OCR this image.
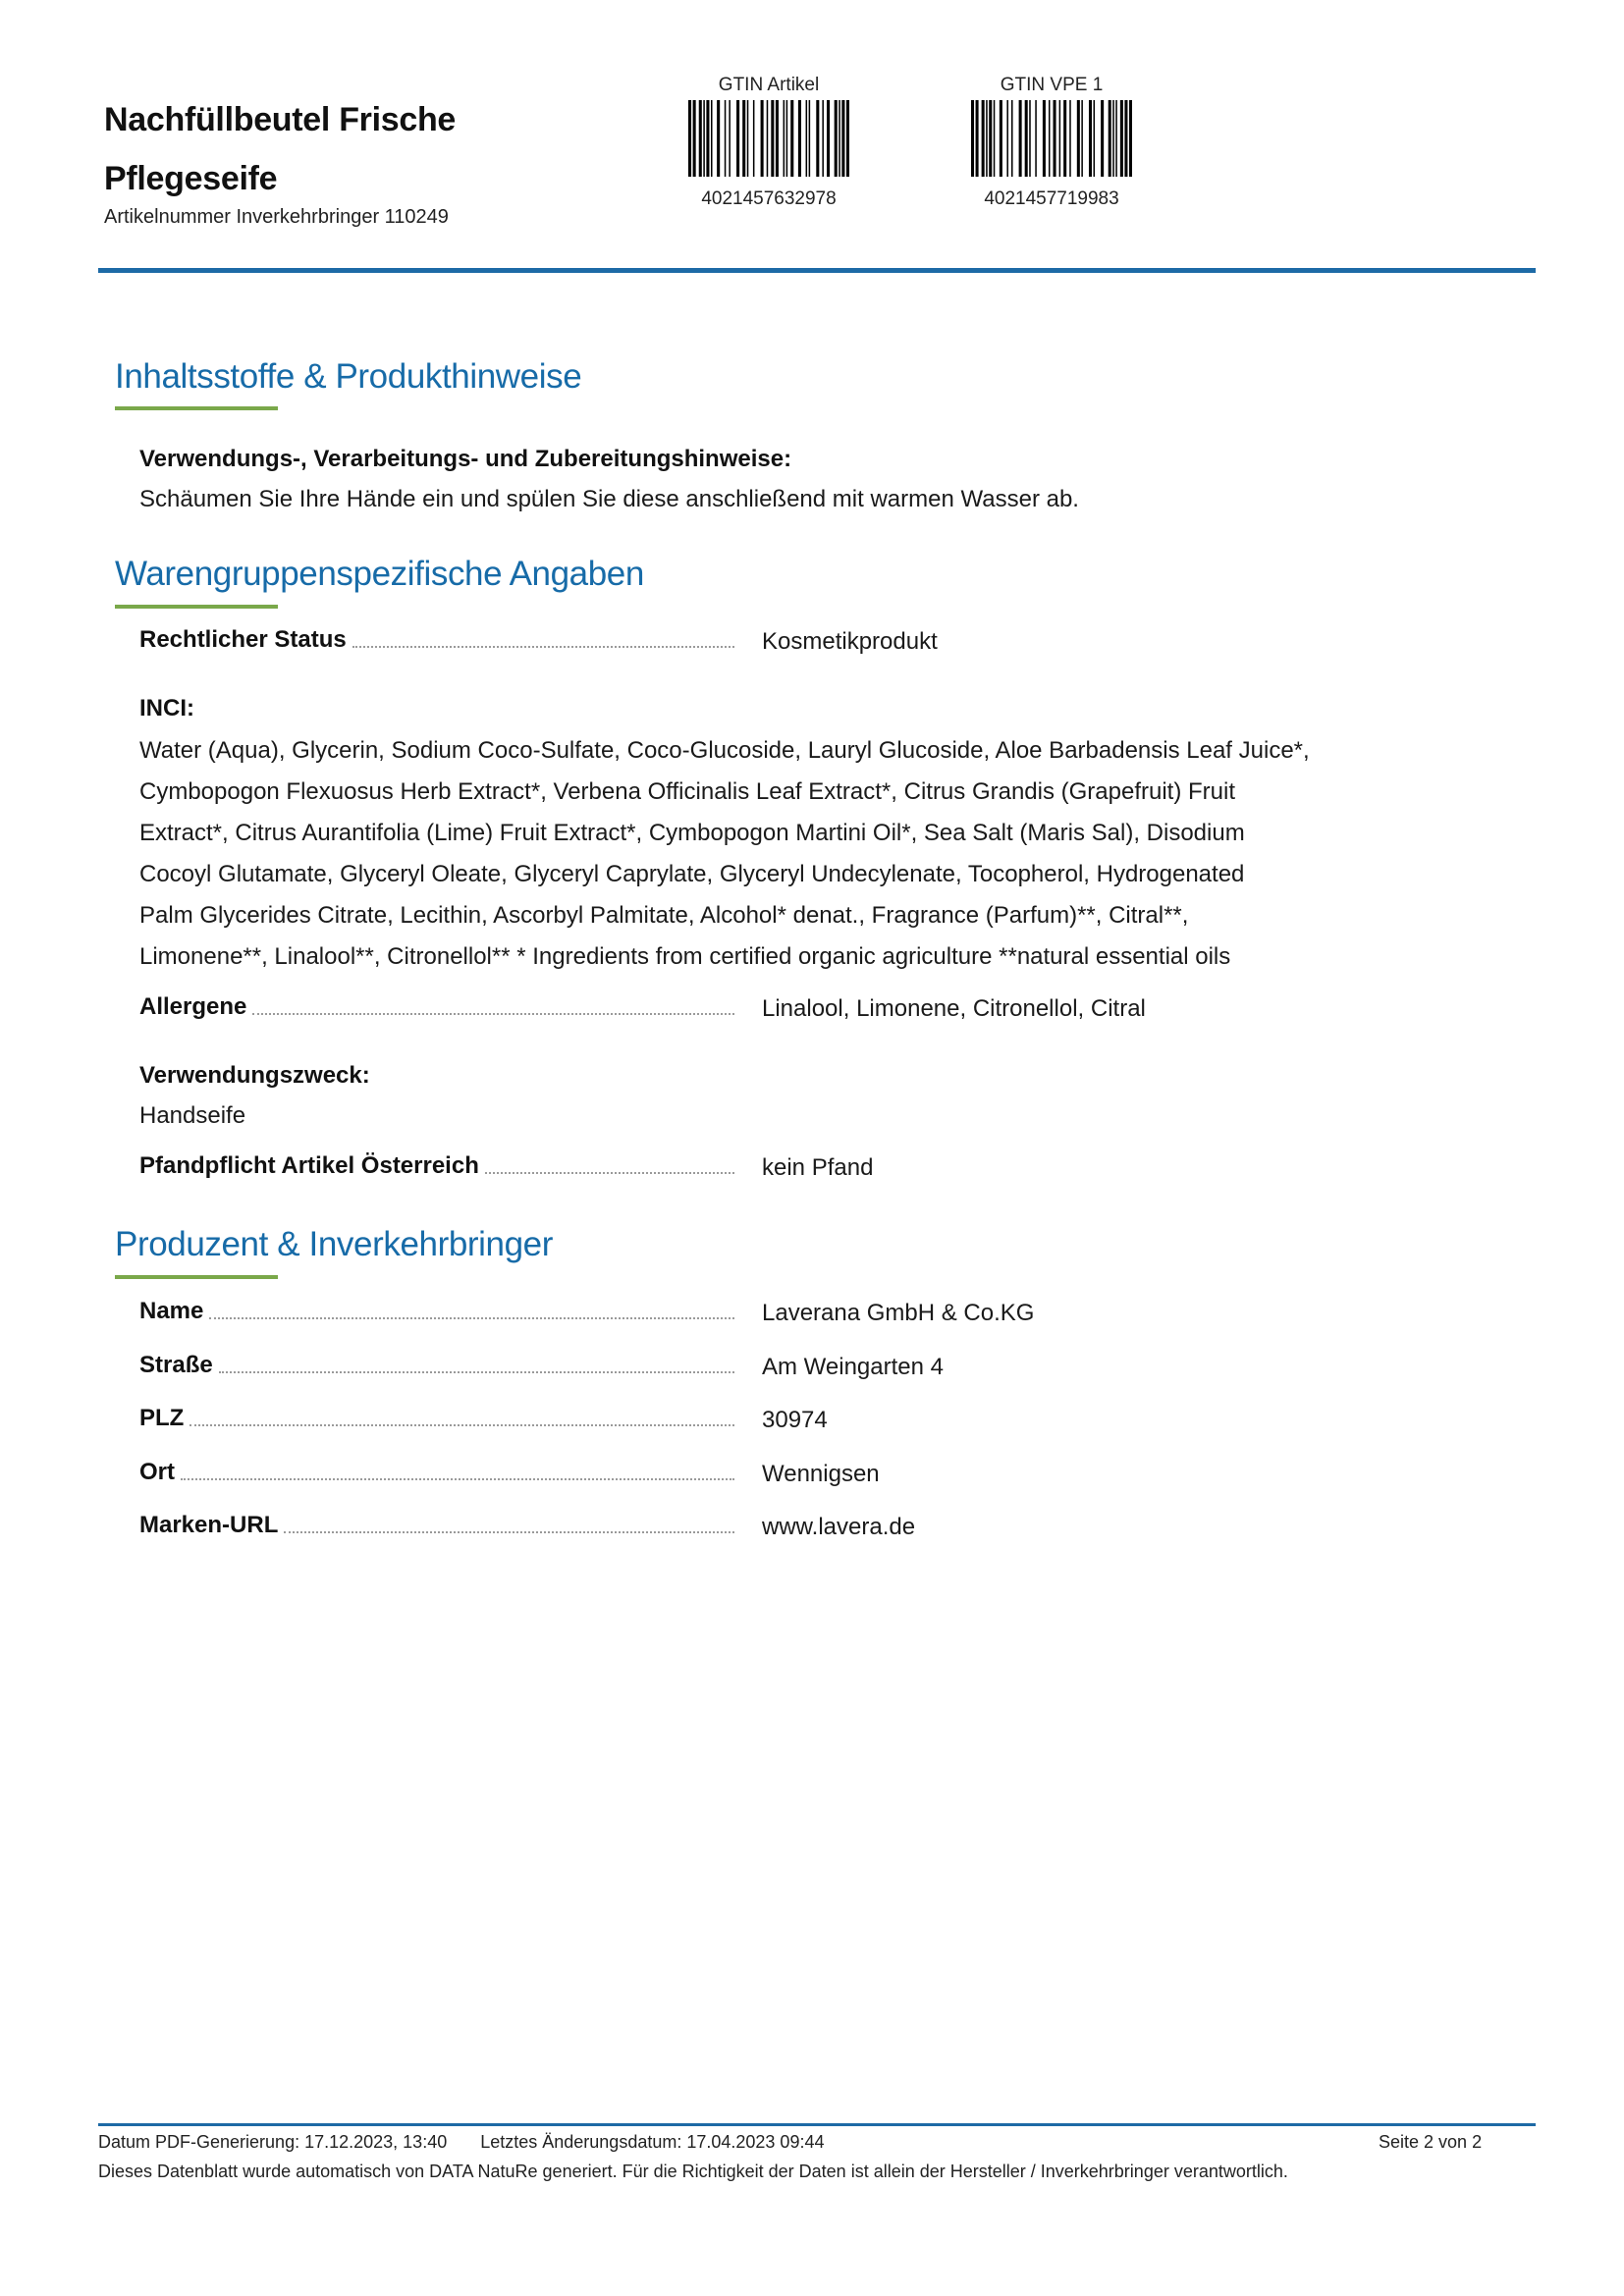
Nachfüllbeutel Frische
Pflegeseife
Artikelnummer Inverkehrbringer 110249
GTIN Artikel
4021457632978
GTIN VPE 1
4021457719983
Inhaltsstoffe & Produkthinweise
Verwendungs-, Verarbeitungs- und Zubereitungshinweise:
Schäumen Sie Ihre Hände ein und spülen Sie diese anschließend mit warmen Wasser ab.
Warengruppenspezifische Angaben
Rechtlicher Status	Kosmetikprodukt
INCI:
Water (Aqua), Glycerin, Sodium Coco-Sulfate, Coco-Glucoside, Lauryl Glucoside, Aloe Barbadensis Leaf Juice*,
Cymbopogon Flexuosus Herb Extract*, Verbena Officinalis Leaf Extract*, Citrus Grandis (Grapefruit) Fruit
Extract*, Citrus Aurantifolia (Lime) Fruit Extract*, Cymbopogon Martini Oil*, Sea Salt (Maris Sal), Disodium
Cocoyl Glutamate, Glyceryl Oleate, Glyceryl Caprylate, Glyceryl Undecylenate, Tocopherol, Hydrogenated
Palm Glycerides Citrate, Lecithin, Ascorbyl Palmitate, Alcohol* denat., Fragrance (Parfum)**, Citral**,
Limonene**, Linalool**, Citronellol** * Ingredients from certified organic agriculture **natural essential oils
Allergene	Linalool, Limonene, Citronellol, Citral
Verwendungszweck:
Handseife
Pfandpflicht Artikel Österreich	kein Pfand
Produzent & Inverkehrbringer
Name	Laverana GmbH & Co.KG
Straße	Am Weingarten 4
PLZ	30974
Ort	Wennigsen
Marken-URL	www.lavera.de
Datum PDF-Generierung: 17.12.2023, 13:40 Letztes Änderungsdatum: 17.04.2023 09:44	Seite 2 von 2
Dieses Datenblatt wurde automatisch von DATA NatuRe generiert. Für die Richtigkeit der Daten ist allein der Hersteller / Inverkehrbringer verantwortlich.
